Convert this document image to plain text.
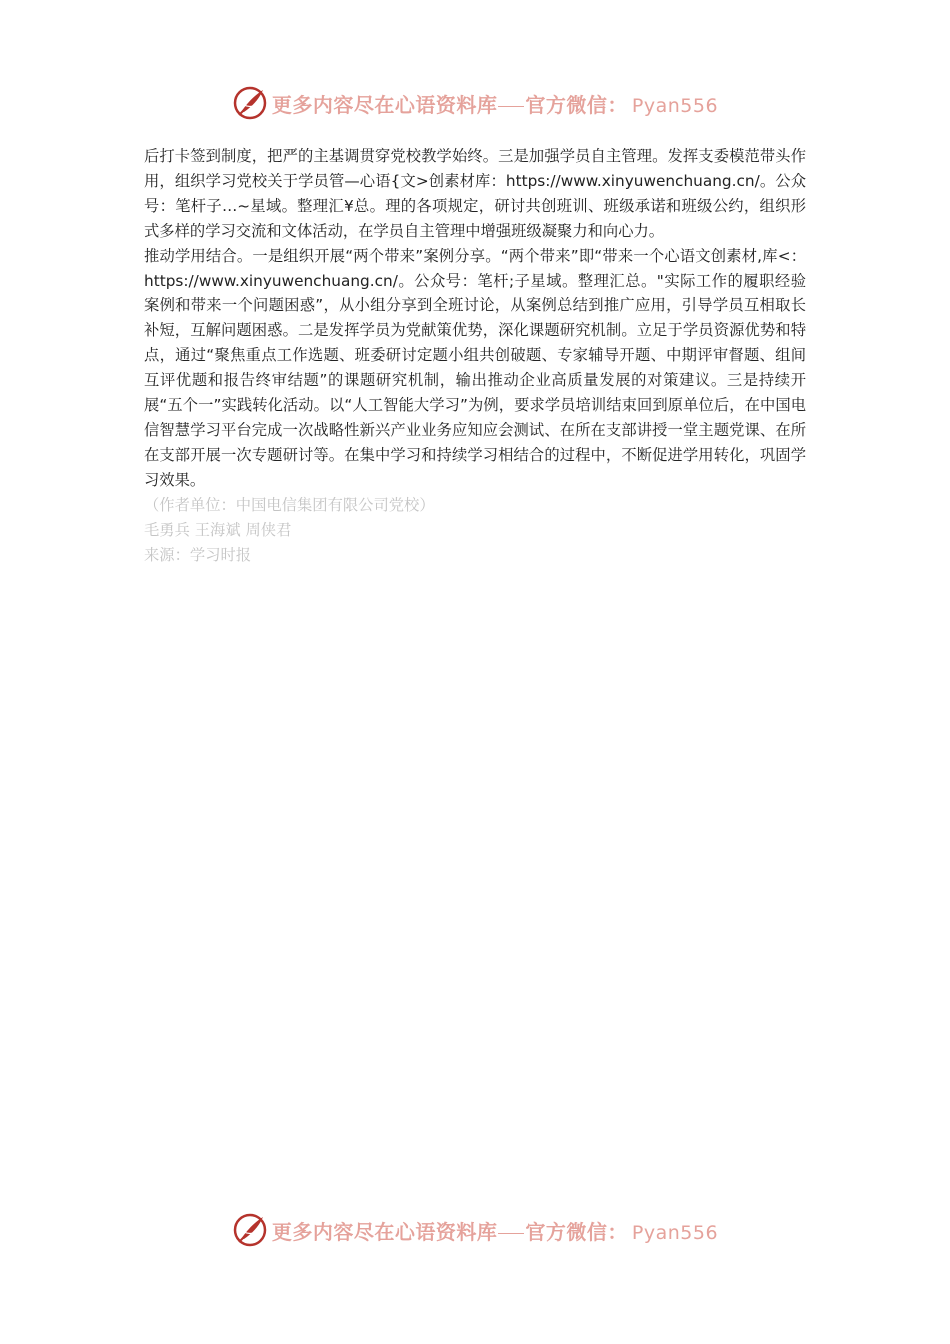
更多内容尽在心语资料库 官方微信： Pyan556

后打卡签到制度，把严的主基调贯穿党校教学始终。三是加强学员自主管理。发挥支委模范带头作用，组织学习党校关于学员管—心语{文>创素材库：https://www.xinyuwenchuang.cn/。公众号：笔杆子…~星域。整理汇¥总。理的各项规定，研讨共创班训、班级承诺和班级公约，组织形式多样的学习交流和文体活动，在学员自主管理中增强班级凝聚力和向心力。

推动学用结合。一是组织开展“两个带来”案例分享。“两个带来”即“带来一个心语文创素材,库<：https://www.xinyuwenchuang.cn/。公众号：笔杆;子星域。整理汇总。"实际工作的履职经验案例和带来一个问题困惑”，从小组分享到全班讨论，从案例总结到推广应用，引导学员互相取长补短，互解问题困惑。二是发挥学员为党献策优势，深化课题研究机制。立足于学员资源优势和特点，通过“聚焦重点工作选题、班委研讨定题小组共创破题、专家辅导开题、中期评审督题、组间互评优题和报告终审结题”的课题研究机制，输出推动企业高质量发展的对策建议。三是持续开展“五个一”实践转化活动。以“人工智能大学习”为例，要求学员培训结束回到原单位后，在中国电信智慧学习平台完成一次战略性新兴产业业务应知应会测试、在所在支部讲授一堂主题党课、在所在支部开展一次专题研讨等。在集中学习和持续学习相结合的过程中，不断促进学用转化，巩固学习效果。

（作者单位：中国电信集团有限公司党校）

毛勇兵 王海斌 周侠君

来源：学习时报

更多内容尽在心语资料库 官方微信： Pyan556
